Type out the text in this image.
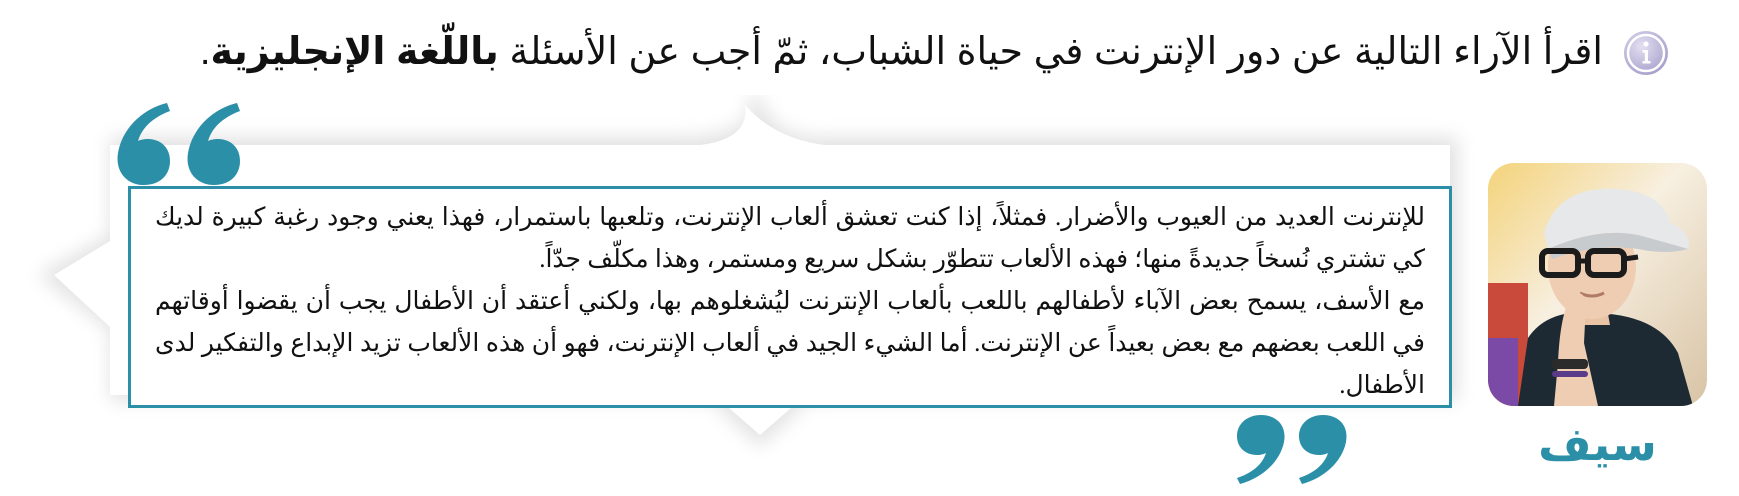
اقرأ الآراء التالية عن دور الإنترنت في حياة الشباب، ثمّ أجب عن الأسئلة باللّغة الإنجليزية.

للإنترنت العديد من العيوب والأضرار. فمثلاً، إذا كنت تعشق ألعاب الإنترنت، وتلعبها باستمرار، فهذا يعني وجود رغبة كبيرة لديك كي تشتري نُسخاً جديدةً منها؛ فهذه الألعاب تتطوّر بشكل سريع ومستمر، وهذا مكلّف جدّاً.

مع الأسف، يسمح بعض الآباء لأطفالهم باللعب بألعاب الإنترنت ليُشغلوهم بها، ولكني أعتقد أن الأطفال يجب أن يقضوا أوقاتهم في اللعب بعضهم مع بعض بعيداً عن الإنترنت. أما الشيء الجيد في ألعاب الإنترنت، فهو أن هذه الألعاب تزيد الإبداع والتفكير لدى الأطفال.

سيف
